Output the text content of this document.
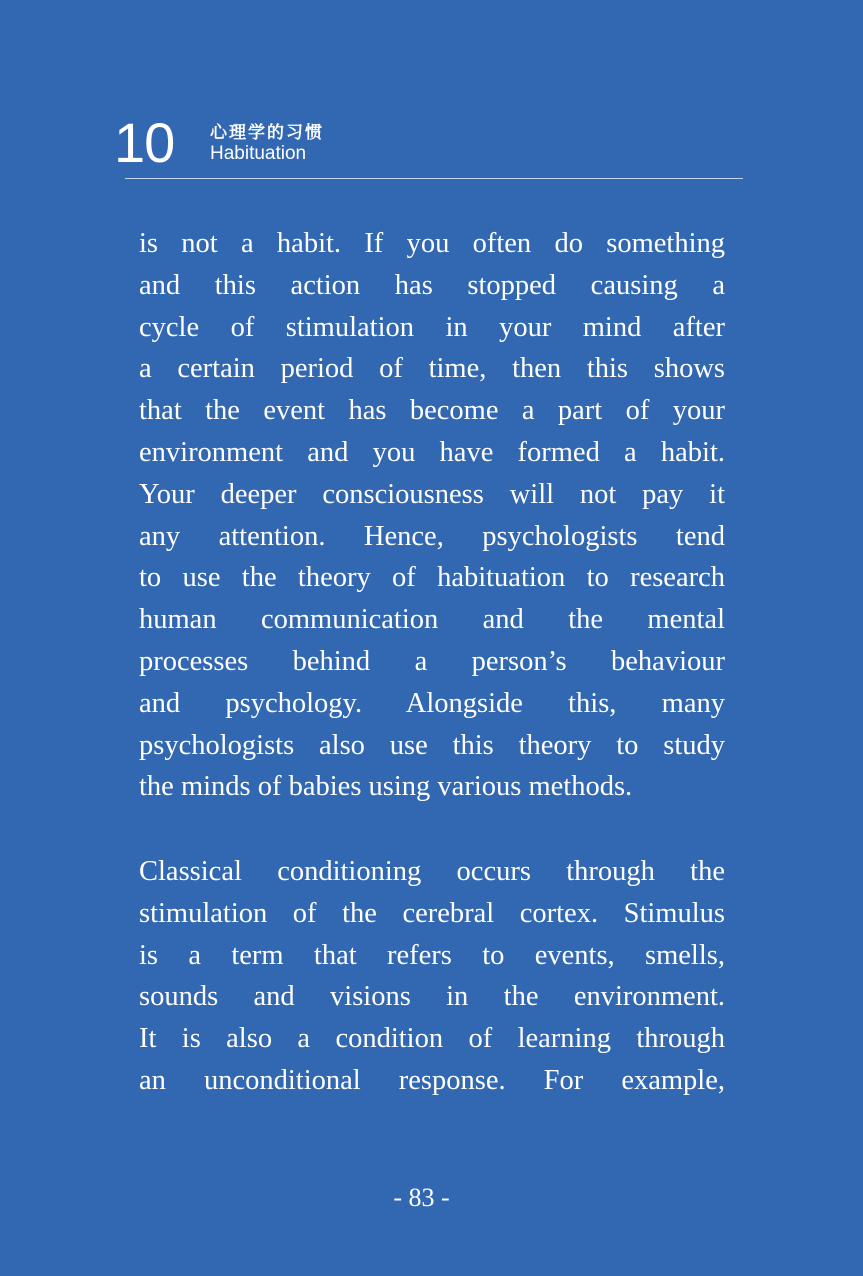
10 心理学的习惯
Habituation
is not a habit. If you often do something
and this action has stopped causing a
cycle of stimulation in your mind after
a certain period of time, then this shows
that the event has become a part of your
environment and you have formed a habit.
Your deeper consciousness will not pay it
any attention. Hence, psychologists tend
to use the theory of habituation to research
human communication and the mental
processes behind a person’s behaviour
and psychology. Alongside this, many
psychologists also use this theory to study
the minds of babies using various methods.
Classical conditioning occurs through the
stimulation of the cerebral cortex. Stimulus
is a term that refers to events, smells,
sounds and visions in the environment.
It is also a condition of learning through
an unconditional response. For example,
- 83 -
